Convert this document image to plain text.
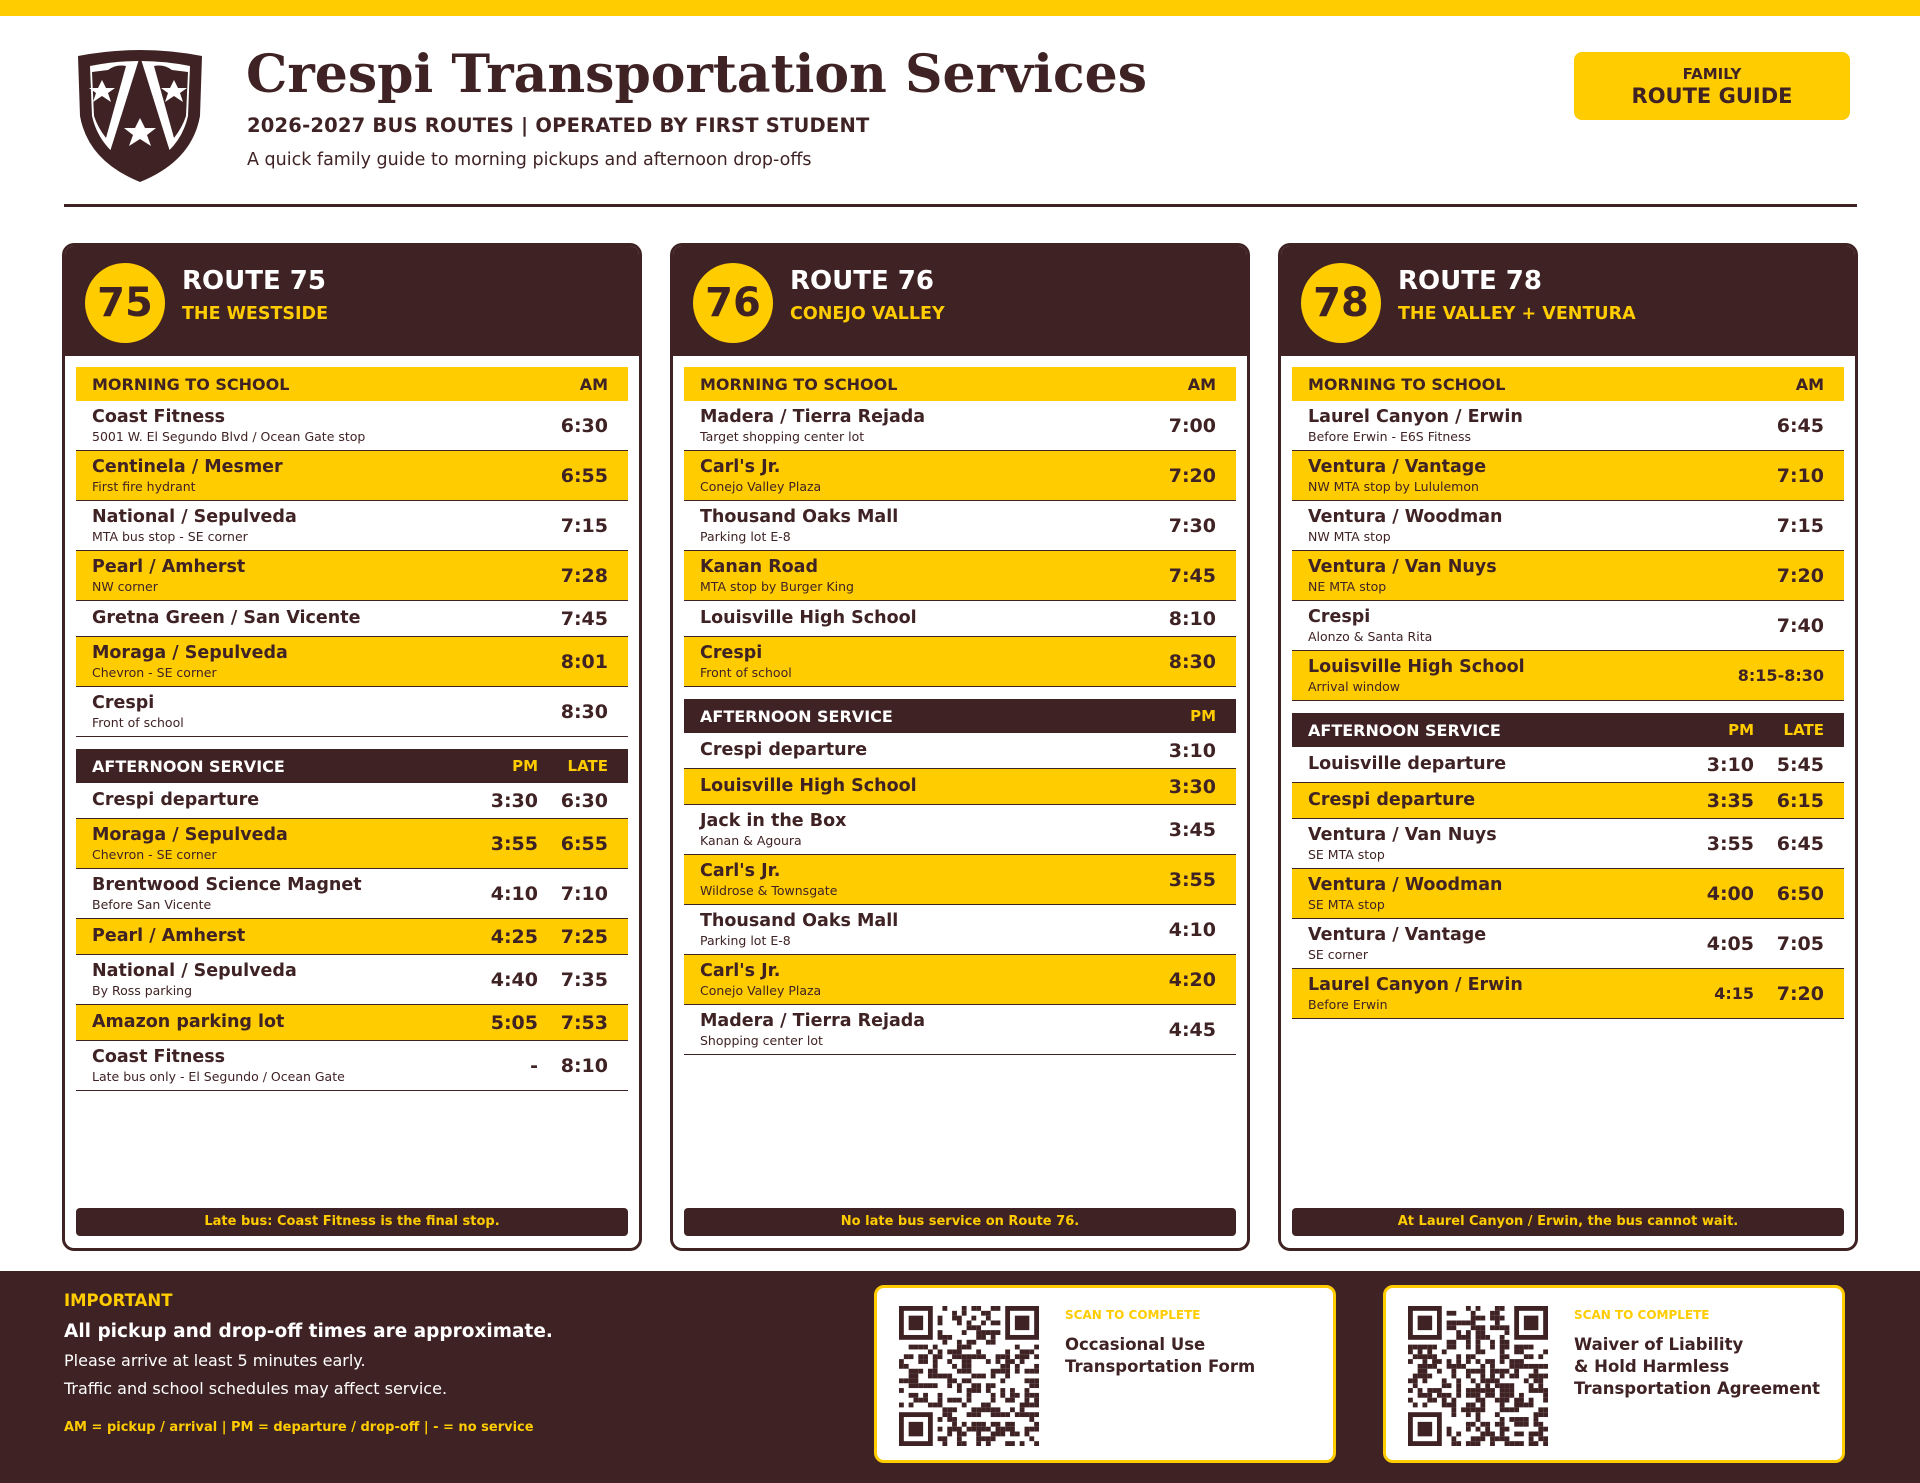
Crespi Transportation Services
2026-2027 BUS ROUTES | OPERATED BY FIRST STUDENT
A quick family guide to morning pickups and afternoon drop-offs
FAMILY
ROUTE GUIDE
75	ROUTE 75
THE WESTSIDE
MORNING TO SCHOOL	AM
Coast Fitness
5001 W. El Segundo Blvd / Ocean Gate stop	6:30
Centinela / Mesmer
First fire hydrant	6:55
National / Sepulveda
MTA bus stop - SE corner	7:15
Pearl / Amherst
NW corner	7:28
Gretna Green / San Vicente	7:45
Moraga / Sepulveda
Chevron - SE corner	8:01
Crespi
Front of school	8:30
AFTERNOON SERVICE	PM	LATE
Crespi departure	3:30	6:30
Moraga / Sepulveda
Chevron - SE corner	3:55	6:55
Brentwood Science Magnet
Before San Vicente	4:10	7:10
Pearl / Amherst	4:25	7:25
National / Sepulveda
By Ross parking	4:40	7:35
Amazon parking lot	5:05	7:53
Coast Fitness
Late bus only - El Segundo / Ocean Gate	-	8:10
Late bus: Coast Fitness is the final stop.
76	ROUTE 76
CONEJO VALLEY
MORNING TO SCHOOL	AM
Madera / Tierra Rejada
Target shopping center lot	7:00
Carl's Jr.
Conejo Valley Plaza	7:20
Thousand Oaks Mall
Parking lot E-8	7:30
Kanan Road
MTA stop by Burger King	7:45
Louisville High School	8:10
Crespi
Front of school	8:30
AFTERNOON SERVICE	PM
Crespi departure	3:10
Louisville High School	3:30
Jack in the Box
Kanan & Agoura	3:45
Carl's Jr.
Wildrose & Townsgate	3:55
Thousand Oaks Mall
Parking lot E-8	4:10
Carl's Jr.
Conejo Valley Plaza	4:20
Madera / Tierra Rejada
Shopping center lot	4:45
No late bus service on Route 76.
78	ROUTE 78
THE VALLEY + VENTURA
MORNING TO SCHOOL	AM
Laurel Canyon / Erwin
Before Erwin - E6S Fitness	6:45
Ventura / Vantage
NW MTA stop by Lululemon	7:10
Ventura / Woodman
NW MTA stop	7:15
Ventura / Van Nuys
NE MTA stop	7:20
Crespi
Alonzo & Santa Rita	7:40
Louisville High School
Arrival window
8:15-8:30
AFTERNOON SERVICE	PM	LATE
Louisville departure	3:10	5:45
Crespi departure	3:35	6:15
Ventura / Van Nuys
SE MTA stop	3:55	6:45
Ventura / Woodman
SE MTA stop	4:00	6:50
Ventura / Vantage
SE corner	4:05	7:05
Laurel Canyon / Erwin
Before Erwin
4:15	7:20
At Laurel Canyon / Erwin, the bus cannot wait.
IMPORTANT
All pickup and drop-off times are approximate.
Please arrive at least 5 minutes early.
Traffic and school schedules may affect service.
AM = pickup / arrival | PM = departure / drop-off | - = no service
SCAN TO COMPLETE
Occasional Use
Transportation Form
SCAN TO COMPLETE
Waiver of Liability
& Hold Harmless
Transportation Agreement
